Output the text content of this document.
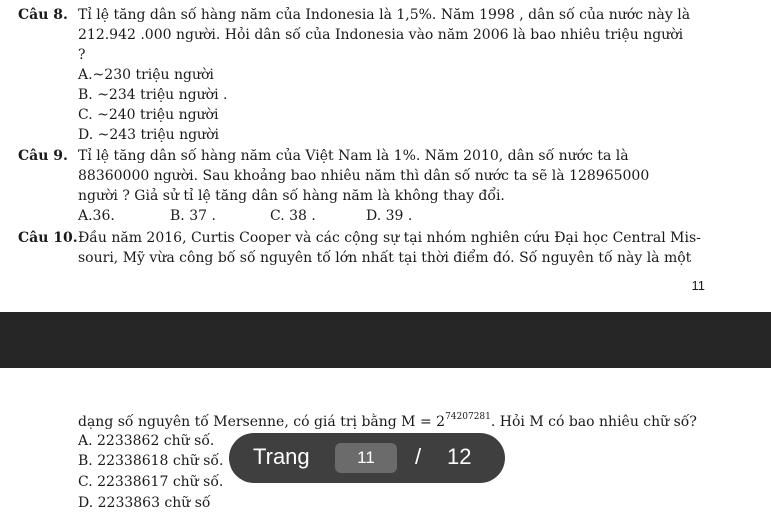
Câu 8. Tỉ lệ tăng dân số hàng năm của Indonesia là 1,5%. Năm 1998 , dân số của nước này là
212.942 .000 người. Hỏi dân số của Indonesia vào năm 2006 là bao nhiêu triệu người
?
A.~230 triệu người
B. ~234 triệu người .
C. ~240 triệu người
D. ~243 triệu người
Câu 9. Tỉ lệ tăng dân số hàng năm của Việt Nam là 1%. Năm 2010, dân số nước ta là
88360000 người. Sau khoảng bao nhiêu năm thì dân số nước ta sẽ là 128965000
người ? Giả sử tỉ lệ tăng dân số hàng năm là không thay đổi.
A.36.	B. 37 .	C. 38 .	D. 39 .
Câu 10. Đầu năm 2016, Curtis Cooper và các cộng sự tại nhóm nghiên cứu Đại học Central Mis-
souri, Mỹ vừa công bố số nguyên tố lớn nhất tại thời điểm đó. Số nguyên tố này là một
11
dạng số nguyên tố Mersenne, có giá trị bằng $M = 2^{74207281}$. Hỏi M có bao nhiêu chữ số?
A. 2233862 chữ số.
B. 22338618 chữ số.
C. 22338617 chữ số.
D. 2233863 chữ số
Trang	11	/ 12
